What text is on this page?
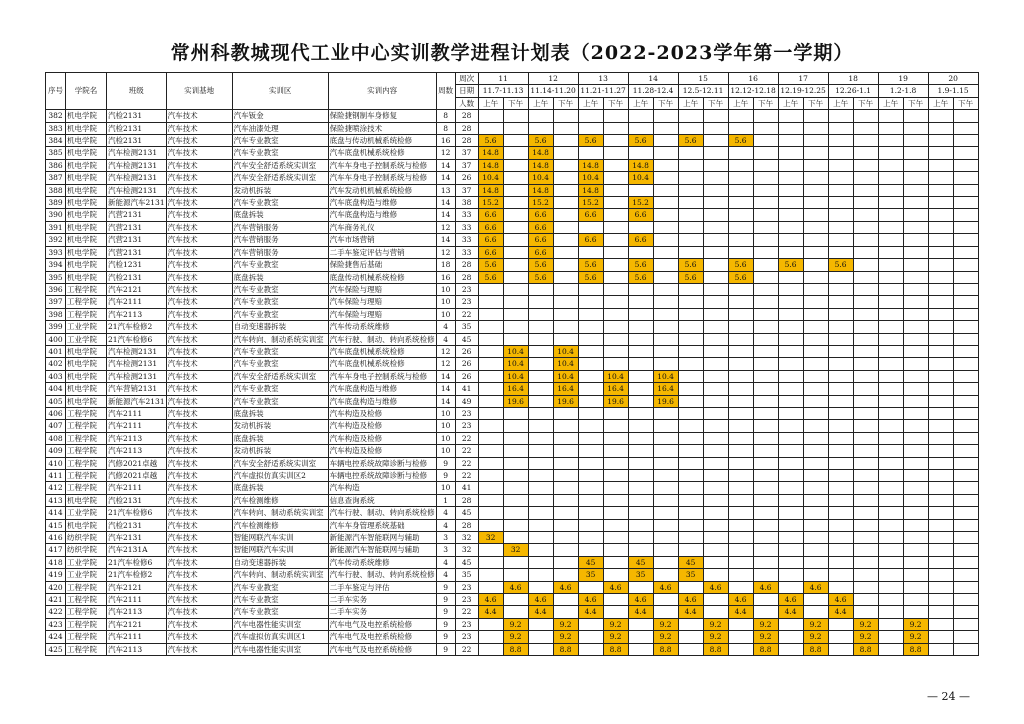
常州科教城现代工业中心实训教学进程计划表（2022-2023学年第一学期）
序号	学院名	班级	实训基地	实训区	实训内容	周数	周次	11		12		13		14		15		16		17		18		19		20	
							日期	11.7-11.13		11.14-11.20		11.21-11.27		11.28-12.4		12.5-12.11		12.12-12.18		12.19-12.25		12.26-1.1		1.2-1.8		1.9-1.15	
							人数	上午	下午	上午	下午	上午	下午	上午	下午	上午	下午	上午	下午	上午	下午	上午	下午	上午	下午	上午	下午
382	机电学院	汽检2131	汽车技术	汽车钣金	保险捷钢制车身修复	8	28																				
383	机电学院	汽检2131	汽车技术	汽车油漆处理	保险捷喷涂技术	8	28																				
384	机电学院	汽检2131	汽车技术	汽车专业教室	底盘与传动机械系统检修	16	28	5.6		5.6		5.6		5.6		5.6		5.6									
385	机电学院	汽车检测2131	汽车技术	汽车专业教室	汽车底盘机械系统检修	12	37	14.8		14.8																	
386	机电学院	汽车检测2131	汽车技术	汽车安全舒适系统实训室	汽车车身电子控制系统与检修	14	37	14.8		14.8		14.8		14.8													
387	机电学院	汽车检测2131	汽车技术	汽车安全舒适系统实训室	汽车车身电子控制系统与检修	14	26	10.4		10.4		10.4		10.4													
388	机电学院	汽车检测2131	汽车技术	发动机拆装	汽车发动机机械系统检修	13	37	14.8		14.8		14.8															
389	机电学院	新能源汽车2131	汽车技术	汽车专业教室	汽车底盘构造与维修	14	38	15.2		15.2		15.2		15.2													
390	机电学院	汽营2131	汽车技术	底盘拆装	汽车底盘构造与维修	14	33	6.6		6.6		6.6		6.6													
391	机电学院	汽营2131	汽车技术	汽车营销服务	汽车商务礼仪	12	33	6.6		6.6																	
392	机电学院	汽营2131	汽车技术	汽车营销服务	汽车市场营销	14	33	6.6		6.6		6.6		6.6													
393	机电学院	汽营2131	汽车技术	汽车营销服务	二手车鉴定评估与营销	12	33	6.6		6.6																	
394	机电学院	汽检1231	汽车技术	汽车专业教室	保险捷售后基础	18	28	5.6		5.6		5.6		5.6		5.6		5.6		5.6		5.6					
395	机电学院	汽检2131	汽车技术	底盘拆装	底盘传动机械系统检修	16	28	5.6		5.6		5.6		5.6		5.6		5.6									
396	工程学院	汽车2121	汽车技术	汽车专业教室	汽车保险与理赔	10	23																				
397	工程学院	汽车2111	汽车技术	汽车专业教室	汽车保险与理赔	10	23																				
398	工程学院	汽车2113	汽车技术	汽车专业教室	汽车保险与理赔	10	22																				
399	工业学院	21汽车检修2	汽车技术	自动变速器拆装	汽车传动系统维修	4	35																				
400	工业学院	21汽车检修6	汽车技术	汽车转向、制动系统实训室	汽车行驶、制动、转向系统检修	4	45																				
401	机电学院	汽车检测2131	汽车技术	汽车专业教室	汽车底盘机械系统检修	12	26		10.4		10.4																
402	机电学院	汽车检测2131	汽车技术	汽车专业教室	汽车底盘机械系统检修	12	26		10.4		10.4																
403	机电学院	汽车检测2131	汽车技术	汽车安全舒适系统实训室	汽车车身电子控制系统与检修	14	26		10.4		10.4		10.4		10.4												
404	机电学院	汽车营销2131	汽车技术	汽车专业教室	汽车底盘构造与维修	14	41		16.4		16.4		16.4		16.4												
405	机电学院	新能源汽车2131	汽车技术	汽车专业教室	汽车底盘构造与维修	14	49		19.6		19.6		19.6		19.6												
406	工程学院	汽车2111	汽车技术	底盘拆装	汽车构造及检修	10	23																				
407	工程学院	汽车2111	汽车技术	发动机拆装	汽车构造及检修	10	23																				
408	工程学院	汽车2113	汽车技术	底盘拆装	汽车构造及检修	10	22																				
409	工程学院	汽车2113	汽车技术	发动机拆装	汽车构造及检修	10	22																				
410	工程学院	汽修2021卓越	汽车技术	汽车安全舒适系统实训室	车辆电控系统故障诊断与检修	9	22																				
411	工程学院	汽修2021卓越	汽车技术	汽车虚拟仿真实训区2	车辆电控系统故障诊断与检修	9	22																				
412	工程学院	汽车2111	汽车技术	底盘拆装	汽车构造	10	41																				
413	机电学院	汽检2131	汽车技术	汽车检测维修	信息查询系统	1	28																				
414	工业学院	21汽车检修6	汽车技术	汽车转向、制动系统实训室	汽车行驶、制动、转向系统检修	4	45																				
415	机电学院	汽检2131	汽车技术	汽车检测维修	汽车车身管理系统基础	4	28																				
416	纺织学院	汽车2131	汽车技术	智能网联汽车实训	新能源汽车智能联网与辅助	3	32	32																			
417	纺织学院	汽车2131A	汽车技术	智能网联汽车实训	新能源汽车智能联网与辅助	3	32		32																		
418	工业学院	21汽车检修6	汽车技术	自动变速器拆装	汽车传动系统维修	4	45					45		45		45											
419	工业学院	21汽车检修2	汽车技术	汽车转向、制动系统实训室	汽车行驶、制动、转向系统检修	4	35					35		35		35											
420	工程学院	汽车2121	汽车技术	汽车专业教室	二手车鉴定与评估	9	23		4.6		4.6		4.6		4.6		4.6		4.6		4.6						
421	工程学院	汽车2111	汽车技术	汽车专业教室	二手车实务	9	23	4.6		4.6		4.6		4.6		4.6		4.6		4.6		4.6					
422	工程学院	汽车2113	汽车技术	汽车专业教室	二手车实务	9	22	4.4		4.4		4.4		4.4		4.4		4.4		4.4		4.4					
423	工程学院	汽车2121	汽车技术	汽车电器性能实训室	汽车电气及电控系统检修	9	23		9.2		9.2		9.2		9.2		9.2		9.2		9.2		9.2		9.2		
424	工程学院	汽车2111	汽车技术	汽车虚拟仿真实训区1	汽车电气及电控系统检修	9	23		9.2		9.2		9.2		9.2		9.2		9.2		9.2		9.2		9.2		
425	工程学院	汽车2113	汽车技术	汽车电器性能实训室	汽车电气及电控系统检修	9	22		8.8		8.8		8.8		8.8		8.8		8.8		8.8		8.8		8.8		
— 24 —
